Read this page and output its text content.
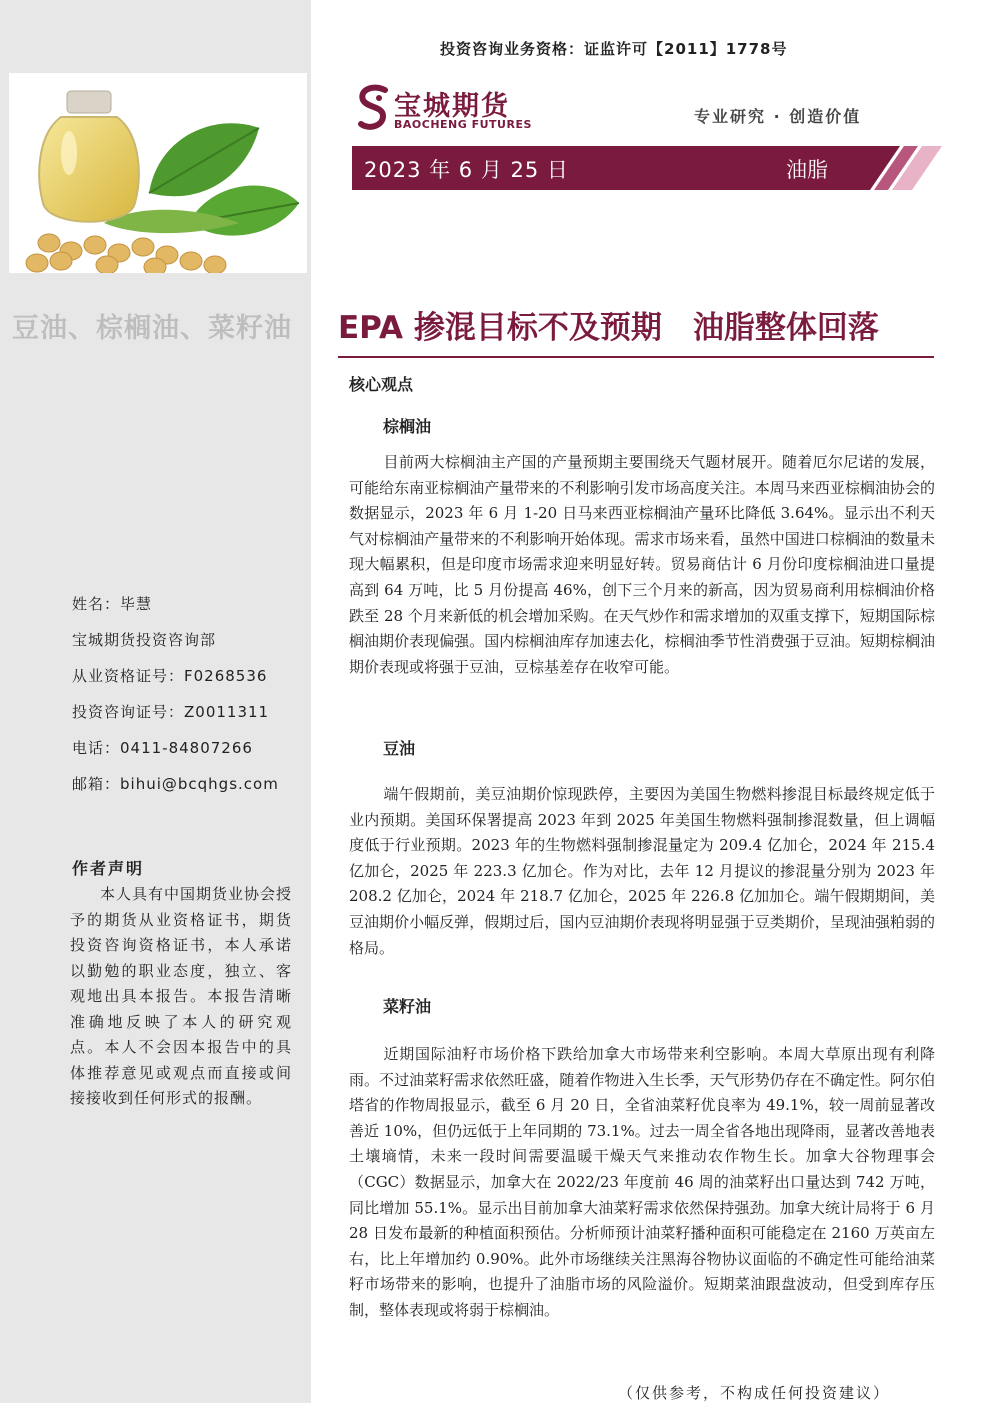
豆油、棕榈油、菜籽油
姓名：毕慧
宝城期货投资咨询部
从业资格证号：F0268536
投资咨询证号：Z0011311
电话：0411-84807266
邮箱：bihui@bcqhgs.com
作者声明
本人具有中国期货业协会授予的期货从业资格证书，期货投资咨询资格证书，本人承诺以勤勉的职业态度，独立、客观地出具本报告。本报告清晰准确地反映了本人的研究观点。本人不会因本报告中的具体推荐意见或观点而直接或间接接收到任何形式的报酬。
投资咨询业务资格：证监许可【2011】1778号
宝城期货
BAOCHENG FUTURES	专业研究 · 创造价值
2023 年 6 月 25 日	油脂
EPA 掺混目标不及预期　油脂整体回落
核心观点
棕榈油
目前两大棕榈油主产国的产量预期主要围绕天气题材展开。随着厄尔尼诺的发展，可能给东南亚棕榈油产量带来的不利影响引发市场高度关注。本周马来西亚棕榈油协会的数据显示，2023 年 6 月 1-20 日马来西亚棕榈油产量环比降低 3.64%。显示出不利天气对棕榈油产量带来的不利影响开始体现。需求市场来看，虽然中国进口棕榈油的数量未现大幅累积，但是印度市场需求迎来明显好转。贸易商估计 6 月份印度棕榈油进口量提高到 64 万吨，比 5 月份提高 46%，创下三个月来的新高，因为贸易商利用棕榈油价格跌至 28 个月来新低的机会增加采购。在天气炒作和需求增加的双重支撑下，短期国际棕榈油期价表现偏强。国内棕榈油库存加速去化，棕榈油季节性消费强于豆油。短期棕榈油期价表现或将强于豆油，豆棕基差存在收窄可能。
豆油
端午假期前，美豆油期价惊现跌停，主要因为美国生物燃料掺混目标最终规定低于业内预期。美国环保署提高 2023 年到 2025 年美国生物燃料强制掺混数量，但上调幅度低于行业预期。2023 年的生物燃料强制掺混量定为 209.4 亿加仑，2024 年 215.4 亿加仑，2025 年 223.3 亿加仑。作为对比，去年 12 月提议的掺混量分别为 2023 年 208.2 亿加仑，2024 年 218.7 亿加仑，2025 年 226.8 亿加加仑。端午假期期间，美豆油期价小幅反弹，假期过后，国内豆油期价表现将明显强于豆类期价，呈现油强粕弱的格局。
菜籽油
近期国际油籽市场价格下跌给加拿大市场带来利空影响。本周大草原出现有利降雨。不过油菜籽需求依然旺盛，随着作物进入生长季，天气形势仍存在不确定性。阿尔伯塔省的作物周报显示，截至 6 月 20 日，全省油菜籽优良率为 49.1%，较一周前显著改善近 10%，但仍远低于上年同期的 73.1%。过去一周全省各地出现降雨，显著改善地表土壤墒情，未来一段时间需要温暖干燥天气来推动农作物生长。加拿大谷物理事会（CGC）数据显示，加拿大在 2022/23 年度前 46 周的油菜籽出口量达到 742 万吨，同比增加 55.1%。显示出目前加拿大油菜籽需求依然保持强劲。加拿大统计局将于 6 月 28 日发布最新的种植面积预估。分析师预计油菜籽播种面积可能稳定在 2160 万英亩左右，比上年增加约 0.90%。此外市场继续关注黑海谷物协议面临的不确定性可能给油菜籽市场带来的影响，也提升了油脂市场的风险溢价。短期菜油跟盘波动，但受到库存压制，整体表现或将弱于棕榈油。
（仅供参考，不构成任何投资建议）
